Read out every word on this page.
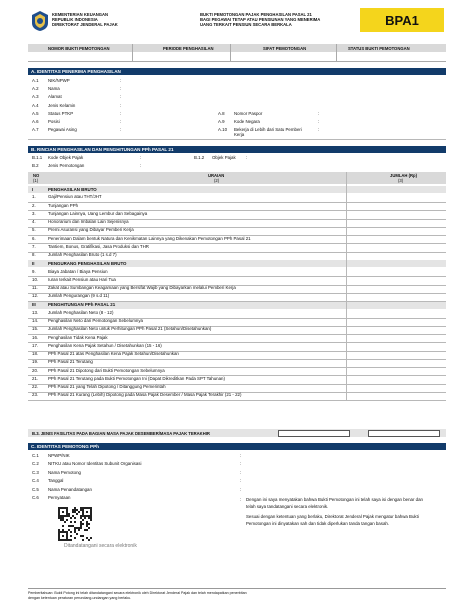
KEMENTERIAN KEUANGAN
REPUBLIK INDONESIA
DIREKTORAT JENDERAL PAJAK
BUKTI PEMOTONGAN PAJAK PENGHASILAN PASAL 21
BAGI PEGAWAI TETAP ATAU PENSIUNAN YANG MENERIMA
UANG TERKAIT PENSIUN SECARA BERKALA	BPA1
NOMOR BUKTI PEMOTONGAN	PERIODE PENGHASILAN	SIFAT PEMOTONGAN	STATUS BUKTI PEMOTONGAN
A. IDENTITAS PENERIMA PENGHASILAN
B. RINCIAN PENGHASILAN DAN PENGHITUNGAN PPh PASAL 21
B.1.1 Kode Objek Pajak	:	B.1.2 Objek Pajak :
B.2 Jenis Pemotongan	:
NO	URAIAN	JUMLAH (Rp)
(1)	(2)	(3)
B.3. JENIS FASILITAS PADA BAGIAN MASA PAJAK DESEMBER/MASA PAJAK TERAKHIR
C. IDENTITAS PEMOTONG PPh
Dengan ini saya menyatakan bahwa Bukti Pemotongan ini telah saya isi dengan benar dan
telah saya tandatangani secara elektronik.
Sesuai dengan ketentuan yang berlaku, Direktorat Jenderal Pajak mengatur bahwa Bukti
Pemotongan ini dinyatakan sah dan tidak diperlukan tanda tangan basah.
:
Ditandatangani secara elektronik
Pemberitahuan: Bukti Potong ini telah ditandatangani secara elektronik oleh Direktorat Jenderal Pajak dan telah mendapatkan penerbitan
dengan ketentuan peraturan perundang-undangan yang berlaku.
A.1 NIK/NPWP	:
A.2 Nama	:
A.3 Alamat	:
A.4 Jenis Kelamin	:
A.5 Status PTKP	:
A.6 Posisi	:
A.7 Pegawai Asing	:
A.8 Nomor Paspor	:
A.9 Kode Negara	:
A.10 Bekerja di Lebih dari Satu Pemberi Kerja
:
I	PENGHASILAN BRUTO
1.	Gaji/Pensiun atau THT/JHT
2.	Tunjangan PPh
3.	Tunjangan Lainnya, Uang Lembur dan Sebagainya
4.	Honorarium dan Imbalan Lain Sejenisnya
5.	Premi Asuransi yang Dibayar Pemberi Kerja
6.	Penerimaan Dalam bentuk Natura dan Kenikmatan Lainnya yang Dikenakan Pemotongan PPh Pasal 21
7.	Tantiem, Bonus, Gratifikasi, Jasa Produksi dan THR
8.	Jumlah Penghasilan Bruto (1 s.d 7)
II	PENGURANG PENGHASILAN BRUTO
9.	Biaya Jabatan / Biaya Pensiun
10. Iuran terkait Pensiun atau Hari Tua
11. Zakat atau Sumbangan Keagamaan yang Bersifat Wajib yang Dibayarkan melalui Pemberi Kerja
12. Jumlah Pengurangan (9 s.d 11)
III	PENGHITUNGAN PPh PASAL 21
13. Jumlah Penghasilan Neto (8 - 12)
14. Penghasilan Neto dari Pemotongan Sebelumnya
15. Jumlah Penghasilan Neto untuk Perhitungan PPh Pasal 21 (Setahun/Disetahunkan)
16. Penghasilan Tidak Kena Pajak
17. Penghasilan Kena Pajak Setahun / Disetahunkan (15 - 16)
18. PPh Pasal 21 atas Penghasilan Kena Pajak Setahun/Disetahunkan
19. PPh Pasal 21 Terutang
20. PPh Pasal 21 Dipotong dari Bukti Pemotongan Sebelumnya
21. PPh Pasal 21 Terutang pada Bukti Pemotongan Ini (Dapat Dikreditkan Pada SPT Tahunan)
22. PPh Pasal 21 yang Telah Dipotong / Ditanggung Pemerintah
23. PPh Pasal 21 Kurang (Lebih) Dipotong pada Masa Pajak Desember / Masa Pajak Terakhir (21 - 22)
C.1 NPWP/NIK	:
C.2 NITKU atau Nomor Identitas Subunit Organisasi	:
C.3 Nama Pemotong	:
C.4 Tanggal	:
C.5 Nama Penandatangan	:
C.6 Pernyataan
